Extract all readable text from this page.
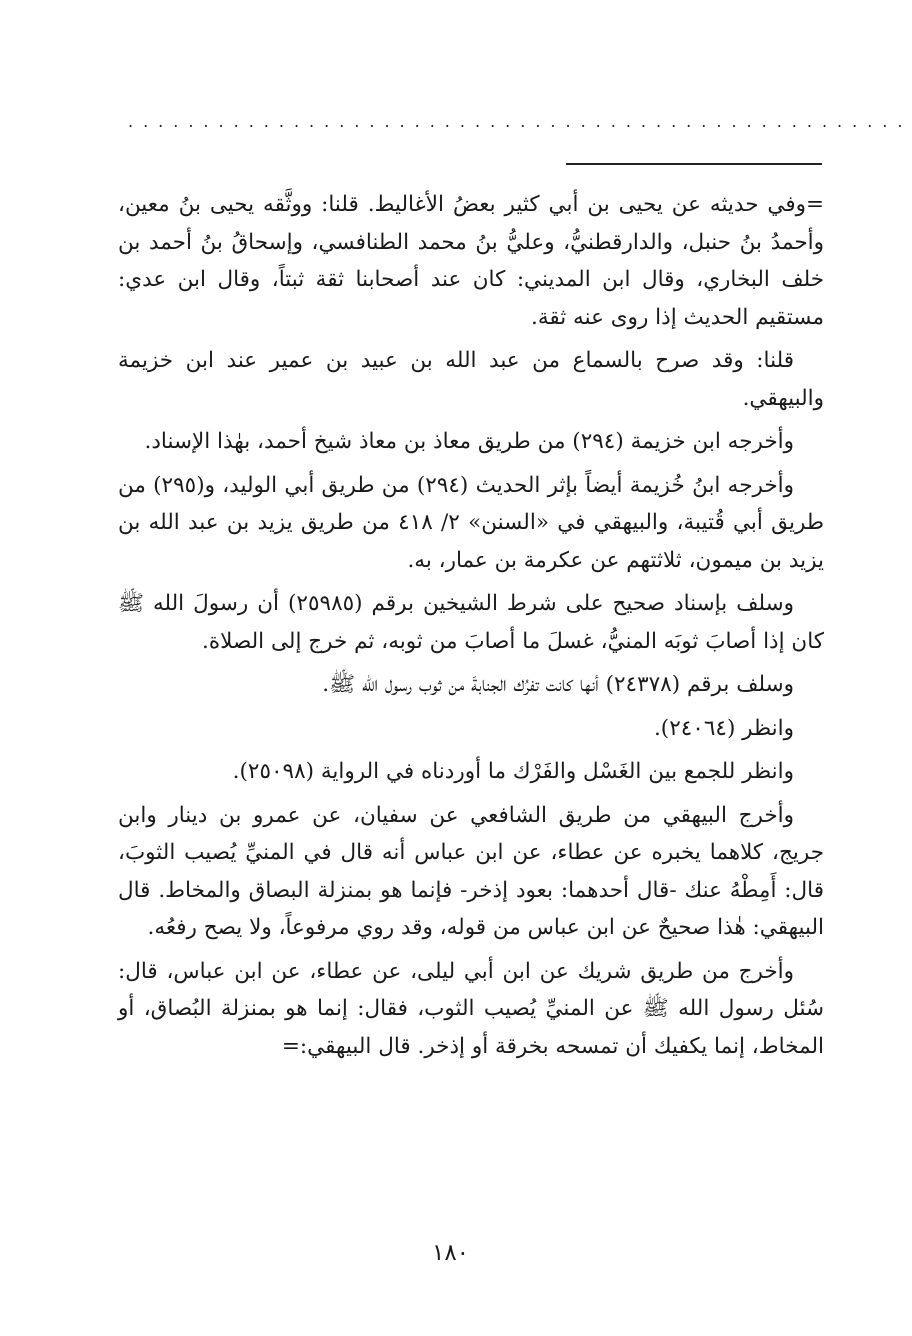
....................................................

=وفي حديثه عن يحيى بن أبي كثير بعضُ الأغاليط. قلنا: ووثَّقه يحيى بنُ معين، وأحمدُ بنُ حنبل، والدارقطنيُّ، وعليُّ بنُ محمد الطنافسي، وإسحاقُ بنُ أحمد بن خلف البخاري، وقال ابن المديني: كان عند أصحابنا ثقة ثبتاً، وقال ابن عدي: مستقيم الحديث إذا روى عنه ثقة.

قلنا: وقد صرح بالسماع من عبد الله بن عبيد بن عمير عند ابن خزيمة والبيهقي.

وأخرجه ابن خزيمة (٢٩٤) من طريق معاذ بن معاذ شيخ أحمد، بهٰذا الإسناد.

وأخرجه ابنُ خُزيمة أيضاً بإثر الحديث (٢٩٤) من طريق أبي الوليد، و(٢٩٥) من طريق أبي قُتيبة، والبيهقي في «السنن» ٢/ ٤١٨ من طريق يزيد بن عبد الله بن يزيد بن ميمون، ثلاثتهم عن عكرمة بن عمار، به.

وسلف بإسناد صحيح على شرط الشيخين برقم (٢٥٩٨٥) أن رسولَ الله ﷺ كان إذا أصابَ ثوبَه المنيُّ، غسلَ ما أصابَ من ثوبه، ثم خرج إلى الصلاة.

وسلف برقم (٢٤٣٧٨) أنها كانت تفرُك الجنابةَ من ثوب رسول الله ﷺ.

وانظر (٢٤٠٦٤).

وانظر للجمع بين الغَسْل والفَرْك ما أوردناه في الرواية (٢٥٠٩٨).

وأخرج البيهقي من طريق الشافعي عن سفيان، عن عمرو بن دينار وابن جريج، كلاهما يخبره عن عطاء، عن ابن عباس أنه قال في المنيِّ يُصيب الثوبَ، قال: أَمِطْهُ عنك -قال أحدهما: بعود إذخر- فإنما هو بمنزلة البصاق والمخاط. قال البيهقي: هٰذا صحيحٌ عن ابن عباس من قوله، وقد روي مرفوعاً، ولا يصح رفعُه.

وأخرج من طريق شريك عن ابن أبي ليلى، عن عطاء، عن ابن عباس، قال: سُئل رسول الله ﷺ عن المنيِّ يُصيب الثوب، فقال: إنما هو بمنزلة البُصاق، أو المخاط، إنما يكفيك أن تمسحه بخرقة أو إذخر. قال البيهقي:=

١٨٠
